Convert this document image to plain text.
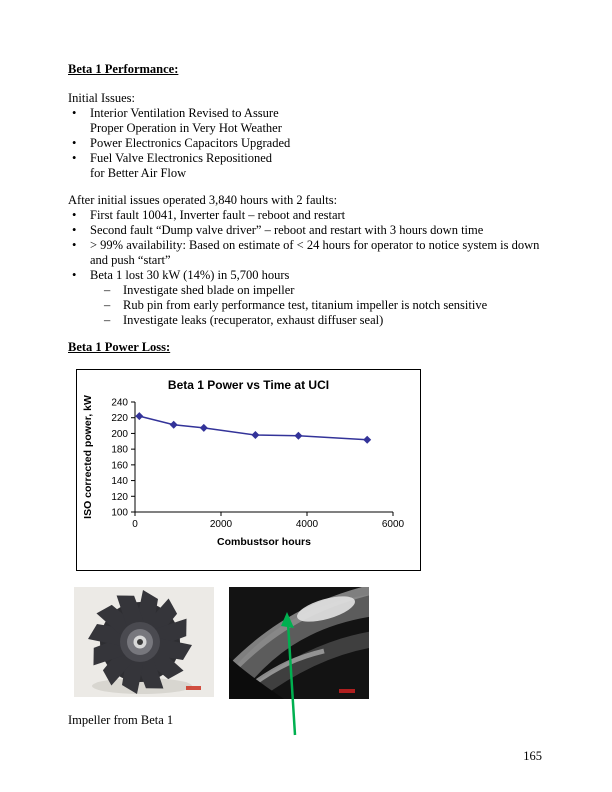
Beta 1 Performance:

Initial Issues:

• Interior Ventilation Revised to Assure
Proper Operation in Very Hot Weather
• Power Electronics Capacitors Upgraded
• Fuel Valve Electronics Repositioned
for Better Air Flow

After initial issues operated 3,840 hours with 2 faults:

• First fault 10041, Inverter fault – reboot and restart
• Second fault “Dump valve driver” – reboot and restart with 3 hours down time
• > 99% availability: Based on estimate of < 24 hours for operator to notice system is down
and push “start”
• Beta 1 lost 30 kW (14%) in 5,700 hours
– Investigate shed blade on impeller
– Rub pin from early performance test, titanium impeller is notch sensitive
– Investigate leaks (recuperator, exhaust diffuser seal)
Beta 1 Power Loss:
Beta 1 Power vs Time at UCI
100
120
140
160
180
200
220
240
0	2000	4000	6000
Combustsor hours
ISO corrected power, kW

Impeller from Beta 1

165
